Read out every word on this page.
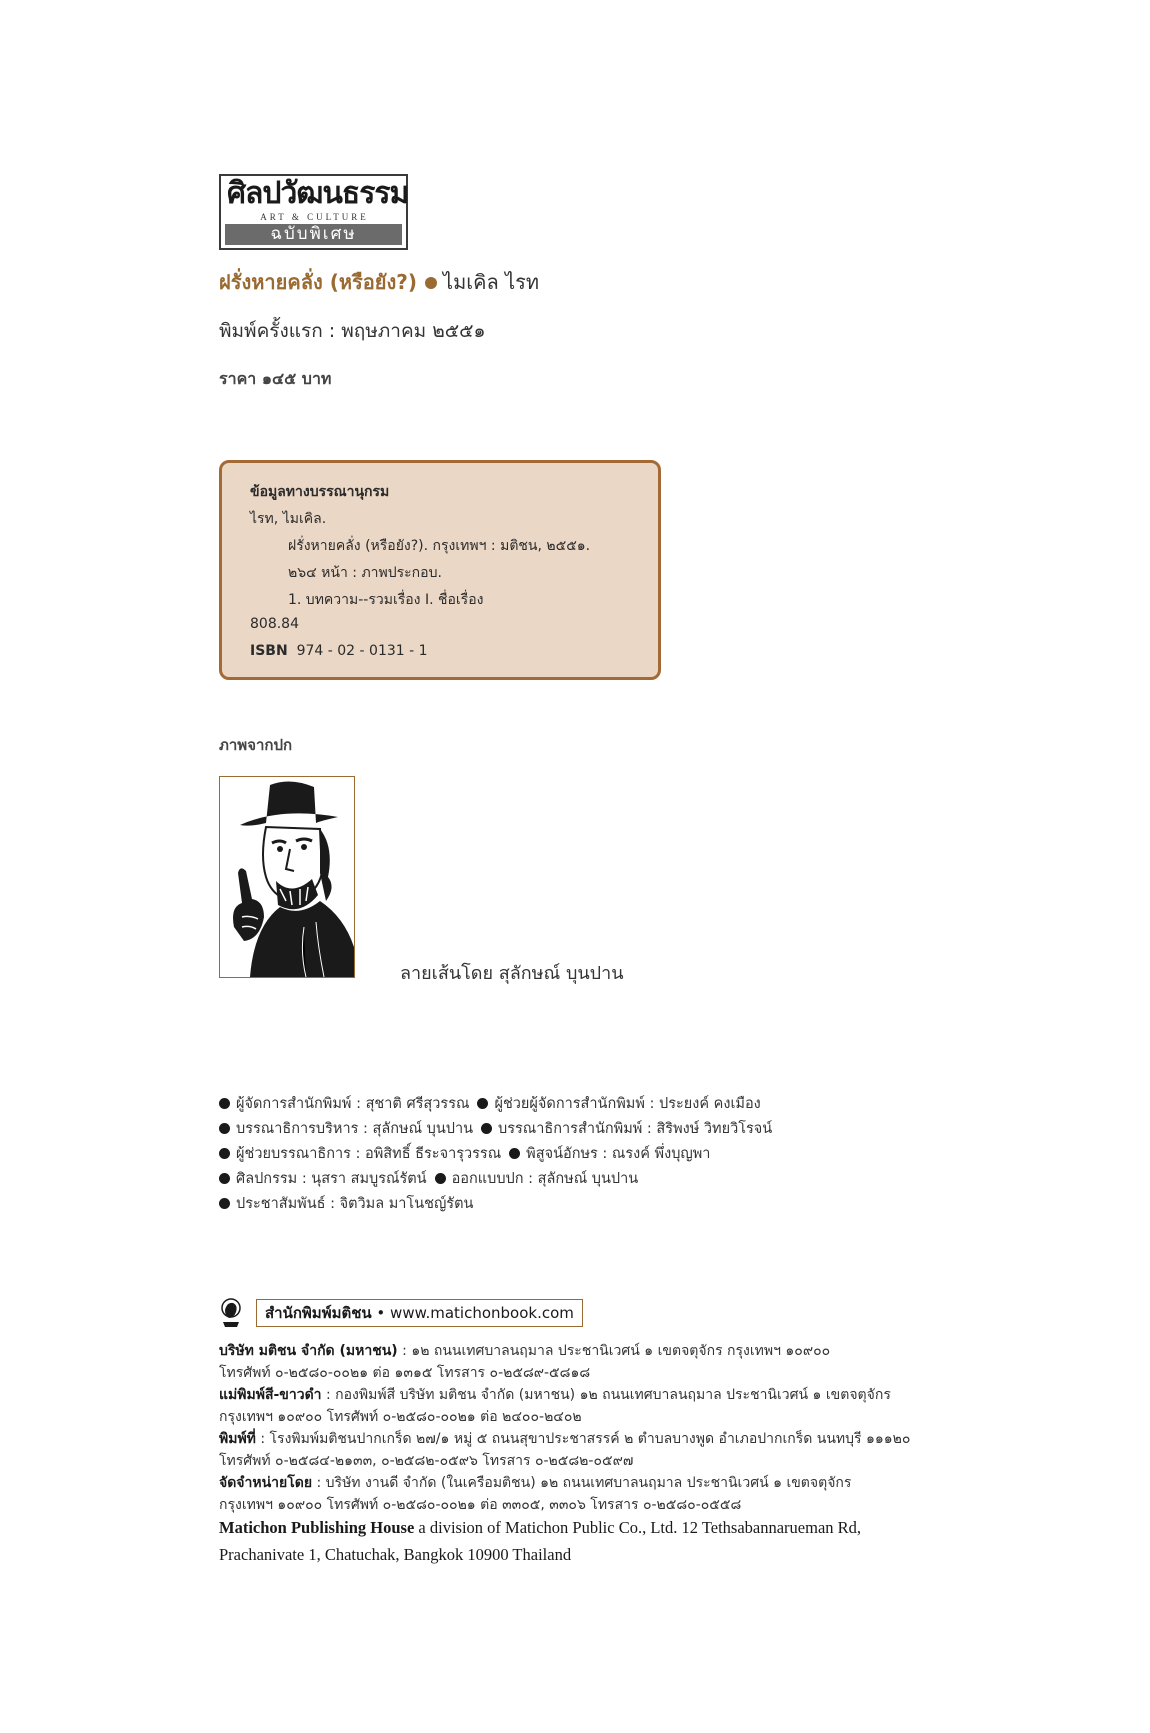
ศิลปวัฒนธรรม
ART & CULTURE
ฉบับพิเศษ
ฝรั่งหายคลั่ง (หรือยัง?) ไมเคิล ไรท
พิมพ์ครั้งแรก : พฤษภาคม ๒๕๕๑
ราคา ๑๔๕ บาท
ข้อมูลทางบรรณานุกรม
ไรท, ไมเคิล.
ฝรั่งหายคลั่ง (หรือยัง?). กรุงเทพฯ : มติชน, ๒๕๕๑.
๒๖๔ หน้า : ภาพประกอบ.
1. บทความ--รวมเรื่อง I. ชื่อเรื่อง
808.84
ISBN 974 - 02 - 0131 - 1
ภาพจากปก
ลายเส้นโดย สุลักษณ์ บุนปาน
ผู้จัดการสำนักพิมพ์ : สุชาติ ศรีสุวรรณ ผู้ช่วยผู้จัดการสำนักพิมพ์ : ประยงค์ คงเมือง
บรรณาธิการบริหาร : สุลักษณ์ บุนปาน บรรณาธิการสำนักพิมพ์ : สิริพงษ์ วิทยวิโรจน์
ผู้ช่วยบรรณาธิการ : อพิสิทธิ์ ธีระจารุวรรณ พิสูจน์อักษร : ณรงค์ พึ่งบุญพา
ศิลปกรรม : นุสรา สมบูรณ์รัตน์ ออกแบบปก : สุลักษณ์ บุนปาน
ประชาสัมพันธ์ : จิตวิมล มาโนชญ์รัตน
สำนักพิมพ์มติชน • www.matichonbook.com
บริษัท มติชน จำกัด (มหาชน) : ๑๒ ถนนเทศบาลนฤมาล ประชานิเวศน์ ๑ เขตจตุจักร กรุงเทพฯ ๑๐๙๐๐
โทรศัพท์ ๐-๒๕๘๐-๐๐๒๑ ต่อ ๑๓๑๕ โทรสาร ๐-๒๕๘๙-๕๘๑๘
แม่พิมพ์สี-ขาวดำ : กองพิมพ์สี บริษัท มติชน จำกัด (มหาชน) ๑๒ ถนนเทศบาลนฤมาล ประชานิเวศน์ ๑ เขตจตุจักร
กรุงเทพฯ ๑๐๙๐๐ โทรศัพท์ ๐-๒๕๘๐-๐๐๒๑ ต่อ ๒๔๐๐-๒๔๐๒
พิมพ์ที่ : โรงพิมพ์มติชนปากเกร็ด ๒๗/๑ หมู่ ๕ ถนนสุขาประชาสรรค์ ๒ ตำบลบางพูด อำเภอปากเกร็ด นนทบุรี ๑๑๑๒๐
โทรศัพท์ ๐-๒๕๘๔-๒๑๓๓, ๐-๒๕๘๒-๐๕๙๖ โทรสาร ๐-๒๕๘๒-๐๕๙๗
จัดจำหน่ายโดย : บริษัท งานดี จำกัด (ในเครือมติชน) ๑๒ ถนนเทศบาลนฤมาล ประชานิเวศน์ ๑ เขตจตุจักร
กรุงเทพฯ ๑๐๙๐๐ โทรศัพท์ ๐-๒๕๘๐-๐๐๒๑ ต่อ ๓๓๐๕, ๓๓๐๖ โทรสาร ๐-๒๕๘๐-๐๕๕๘
Matichon Publishing House a division of Matichon Public Co., Ltd. 12 Tethsabannarueman Rd,
Prachanivate 1, Chatuchak, Bangkok 10900 Thailand
